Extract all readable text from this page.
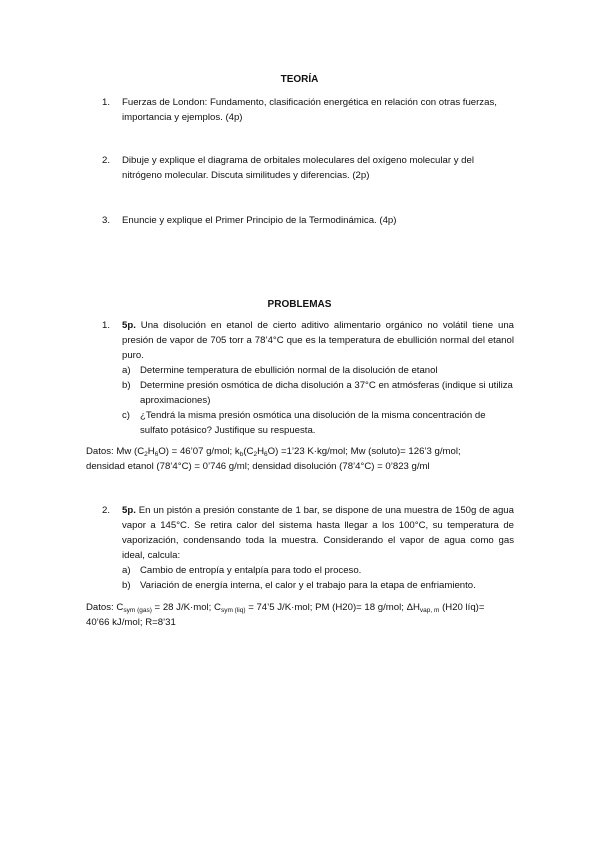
TEORÍA
1. Fuerzas de London: Fundamento, clasificación energética en relación con otras fuerzas, importancia y ejemplos. (4p)
2. Dibuje y explique el diagrama de orbitales moleculares del oxígeno molecular y del nitrógeno molecular. Discuta similitudes y diferencias. (2p)
3. Enuncie y explique el Primer Principio de la Termodinámica. (4p)
PROBLEMAS
1. 5p. Una disolución en etanol de cierto aditivo alimentario orgánico no volátil tiene una presión de vapor de 705 torr a 78’4°C que es la temperatura de ebullición normal del etanol puro.
a) Determine temperatura de ebullición normal de la disolución de etanol
b) Determine presión osmótica de dicha disolución a 37°C en atmósferas (indique si utiliza aproximaciones)
c) ¿Tendrá la misma presión osmótica una disolución de la misma concentración de sulfato potásico? Justifique su respuesta.
Datos: Mw $(C_2H_6O)$ = 46’07 g/mol; $k_b(C_2H_6O)$ =1’23 K·kg/mol; Mw (soluto)= 126’3 g/mol;
densidad etanol (78’4°C) = 0’746 g/ml; densidad disolución (78’4°C) = 0’823 g/ml
2. 5p. En un pistón a presión constante de 1 bar, se dispone de una muestra de 150g de agua vapor a 145°C. Se retira calor del sistema hasta llegar a los 100°C, su temperatura de vaporización, condensando toda la muestra. Considerando el vapor de agua como gas ideal, calcula:
a) Cambio de entropía y entalpía para todo el proceso.
b) Variación de energía interna, el calor y el trabajo para la etapa de enfriamiento.
Datos: $C_{sym (gas)} = 28$ J/K·mol; $C_{sym (liq)}$ = 74’5 J/K·mol; PM (H20)= 18 g/mol; $\Delta H_{vap, m}$ (H20 líq)=
40’66 kJ/mol; R=8’31
